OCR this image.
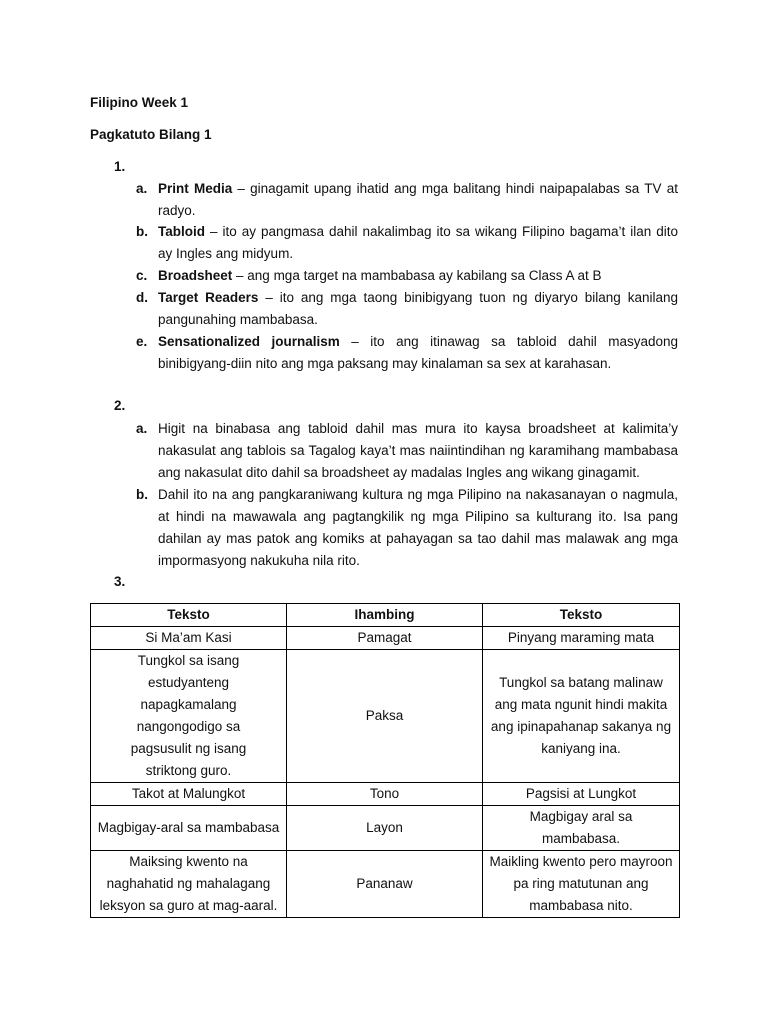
Filipino Week 1
Pagkatuto Bilang 1
1.
a. Print Media – ginagamit upang ihatid ang mga balitang hindi naipapalabas sa TV at radyo.
b. Tabloid – ito ay pangmasa dahil nakalimbag ito sa wikang Filipino bagama’t ilan dito ay Ingles ang midyum.
c. Broadsheet – ang mga target na mambabasa ay kabilang sa Class A at B
d. Target Readers – ito ang mga taong binibigyang tuon ng diyaryo bilang kanilang pangunahing mambabasa.
e. Sensationalized journalism – ito ang itinawag sa tabloid dahil masyadong binibigyang-diin nito ang mga paksang may kinalaman sa sex at karahasan.
2.
a. Higit na binabasa ang tabloid dahil mas mura ito kaysa broadsheet at kalimita’y nakasulat ang tablois sa Tagalog kaya’t mas naiintindihan ng karamihang mambabasa ang nakasulat dito dahil sa broadsheet ay madalas Ingles ang wikang ginagamit.
b. Dahil ito na ang pangkaraniwang kultura ng mga Pilipino na nakasanayan o nagmula, at hindi na mawawala ang pagtangkilik ng mga Pilipino sa kulturang ito. Isa pang dahilan ay mas patok ang komiks at pahayagan sa tao dahil mas malawak ang mga impormasyong nakukuha nila rito.
3.
Teksto	Ihambing	Teksto
Si Ma’am Kasi	Pamagat	Pinyang maraming mata
Tungkol sa isang estudyanteng napagkamalang nangongodigo sa pagsusulit ng isang striktong guro.	Paksa	Tungkol sa batang malinaw ang mata ngunit hindi makita ang ipinapahanap sakanya ng kaniyang ina.
Takot at Malungkot	Tono	Pagsisi at Lungkot
Magbigay-aral sa mambabasa	Layon	Magbigay aral sa mambabasa.
Maiksing kwento na naghahatid ng mahalagang leksyon sa guro at mag-aaral.	Pananaw	Maikling kwento pero mayroon pa ring matutunan ang mambabasa nito.
